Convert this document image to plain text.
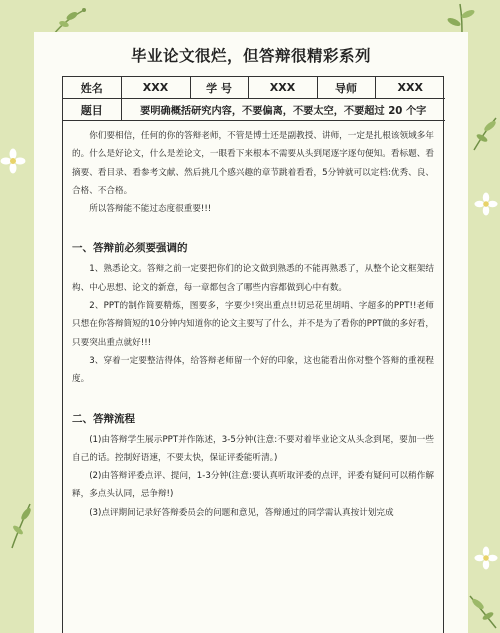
毕业论文很烂，但答辩很精彩系列
姓名	XXX	学 号	XXX	导师	XXX
题目	要明确概括研究内容，不要偏离，不要太空，不要超过 20 个字				

你们要相信，任何的你的答辩老师，不管是博士还是副教授、讲师，一定是扎根该领域多年的。什么是好论文，什么是差论文，一眼看下来根本不需要从头到尾逐字逐句便知。看标题、看摘要、看目录、看参考文献、然后挑几个感兴趣的章节跳着看看，5分钟就可以定档:优秀、良、合格、不合格。

所以答辩能不能过态度很重要!!!

一、答辩前必须要强调的

1、熟悉论文。答辩之前一定要把你们的论文做到熟悉的不能再熟悉了，从整个论文框架结构、中心思想、论文的新意，每一章都包含了哪些内容都做到心中有数。

2、PPT的制作简要精炼，图要多，字要少!突出重点!!切忌花里胡哨、字超多的PPT!!老师只想在你答辩简短的10分钟内知道你的论文主要写了什么，并不是为了看你的PPT做的多好看，只要突出重点就好!!!

3、穿着一定要整洁得体，给答辩老师留一个好的印象，这也能看出你对整个答辩的重视程度。

二、答辩流程

(1)由答辩学生展示PPT并作陈述，3-5分钟(注意:不要对着毕业论文从头念到尾，要加一些自己的话。控制好语速，不要太快，保证评委能听清。)

(2)由答辩评委点评、提问，1-3分钟(注意:要认真听取评委的点评，评委有疑问可以稍作解释，多点头认同，忌争辩!)

(3)点评期间记录好答辩委员会的问题和意见，答辩通过的同学需认真按计划完成
